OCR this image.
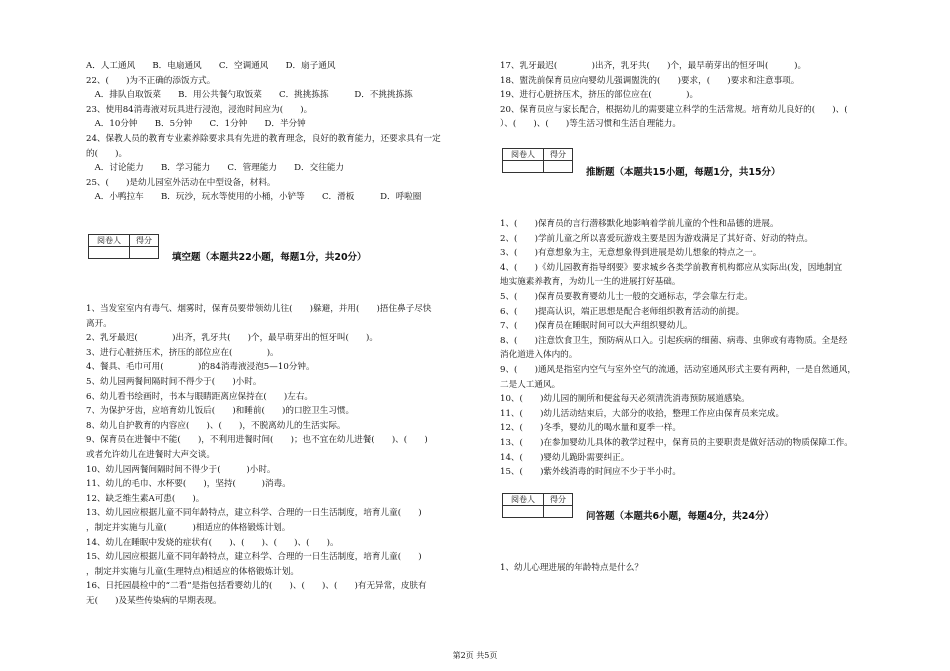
A．人工通风　　B．电扇通风　　C．空调通风　　D．扇子通风
22、(　　)为不正确的添饭方式。
　A．排队自取饭菜　　B．用公共餐勺取饭菜　　C．挑挑拣拣　　　D．不挑挑拣拣
23、使用84消毒液对玩具进行浸泡，浸泡时间应为(　　)。
　A．10分钟　　B．5分钟　　C．1分钟　　D．半分钟
24、保教人员的教育专业素养除要求具有先进的教育理念，良好的教育能力，还要求具有一定
的(　　)。
　A．讨论能力　　B．学习能力　　C．管理能力　　D．交往能力
25、(　　)是幼儿园室外活动在中型设备，材料。
　A．小鸭拉车　　B．玩沙，玩水等使用的小桶，小铲等　　C．滑板　　　D．呼啦圈
阅卷人	得分

填空题（本题共22小题，每题1分，共20分）
1、当发室室内有毒气、烟雾时，保育员要带领幼儿往(　　)躲避，并用(　　)捂住鼻子尽快
离开。
2、乳牙最迟(　　　　)出齐，乳牙共(　　)个，最早萌芽出的恒牙叫(　　)。
3、进行心脏挤压术，挤压的部位应在(　　　　)。
4、餐具、毛巾可用(　　　　)的84消毒液浸泡5—10分钟。
5、幼儿园两餐间隔时间不得少于(　　)小时。
6、幼儿看书绘画时，书本与眼睛距离应保持在(　　)左右。
7、为保护牙齿，应培育幼儿饭后(　　)和睡前(　　)的口腔卫生习惯。
8、幼儿自护教育的内容应(　　)、(　　)，不脱离幼儿的生活实际。
9、保育员在进餐中不能(　　)，不利用进餐时间(　　)；也不宜在幼儿进餐(　　)、(　　)
或者允许幼儿在进餐时大声交谈。
10、幼儿园两餐间隔时间不得少于(　　　)小时。
11、幼儿的毛巾、水杯要(　　)，坚持(　　　)消毒。
12、缺乏维生素A可患(　　)。
13、幼儿园应根据儿童不同年龄特点，建立科学、合理的一日生活制度，培育儿童(　　)
，制定并实施与儿童(　　　)相适应的体格锻炼计划。
14、幼儿在睡眠中发烧的症状有(　　)、(　　)、(　　)、(　　)。
15、幼儿园应根据儿童不同年龄特点，建立科学、合理的一日生活制度，培育儿童(　　)
，制定并实施与儿童(生理特点)相适应的体格锻炼计划。
16、日托园晨检中的“二看”是指包括看婴幼儿的(　　)、(　　)、(　　)有无异常，皮肤有
无(　　)及某些传染病的早期表现。
17、乳牙最迟(　　　　)出齐，乳牙共(　　)个，最早萌芽出的恒牙叫(　　　)。
18、盥洗前保育员应向婴幼儿强调盥洗的(　　)要求，(　　)要求和注意事项。
19、进行心脏挤压术，挤压的部位应在(　　　　)。
20、保育员应与家长配合，根据幼儿的需要建立科学的生活常规。培育幼儿良好的(　　)、(　　
）、(　　)、(　　)等生活习惯和生活自理能力。
阅卷人	得分

推断题（本题共15小题，每题1分，共15分）
1、(　　)保育员的言行潜移默化地影响着学前儿童的个性和品德的进展。
2、(　　)学前儿童之所以喜爱玩游戏主要是因为游戏满足了其好奇、好动的特点。
3、(　　)有意想象为主，无意想象得到进展是幼儿想象的特点之一。
4、(　　)《幼儿园教育指导纲要》要求城乡各类学前教育机构都应从实际出(发，因地制宜
地实施素养教育，为幼儿一生的进展打好基础。
5、(　　)保育员要教育婴幼儿士一般的交通标志，学会靠左行走。
6、(　　)提高认识，端正思想是配合老师组织教育活动的前提。
7、(　　)保育员在睡眠时间可以大声组织婴幼儿。
8、(　　)注意饮食卫生，预防病从口入。引起疾病的细菌、病毒、虫卵或有毒物质。全是经
消化道进入体内的。
9、(　　)通风是指室内空气与室外空气的流通，活动室通风形式主要有两种，一是自然通风，
二是人工通风。
10、(　　)幼儿园的厕所和便盆每天必须清洗消毒预防展道感染。
11、(　　)幼儿活动结束后，大部分的收拾，整理工作应由保育员来完成。
12、(　　)冬季，婴幼儿的喝水量和夏季一样。
13、(　　)在参加婴幼儿具体的教学过程中，保育员的主要职责是做好活动的物质保障工作。
14、(　　)婴幼儿跪卧需要纠正。
15、(　　)紫外线消毒的时间应不少于半小时。
阅卷人	得分

问答题（本题共6小题，每题4分，共24分）
1、幼儿心理进展的年龄特点是什么？
第2页 共5页
